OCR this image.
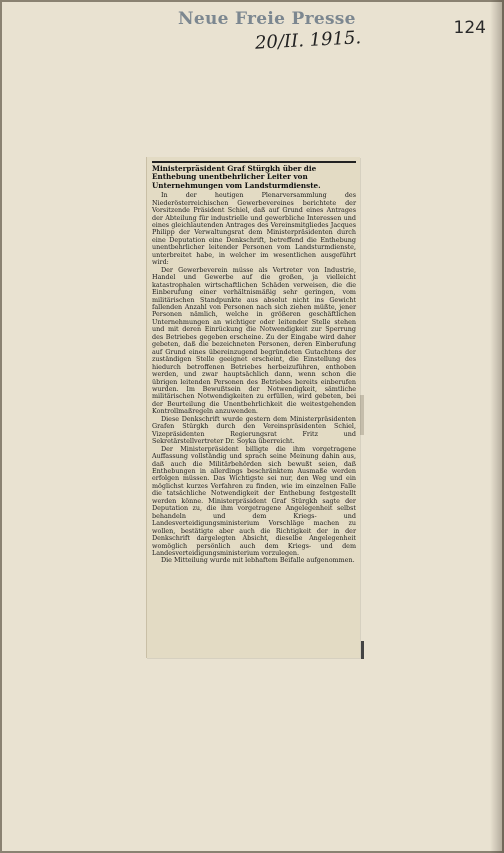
Neue Freie Presse	124
20/II. 1915.
Ministerpräsident Graf Stürgkh über die Enthebung unentbehrlicher Leiter von Unternehmungen vom Landsturmdienste.

In der heutigen Plenarversammlung des Niederösterreichischen Gewerbevereines berichtete der Vorsitzende Präsident Schiel, daß auf Grund eines Antrages der Abteilung für industrielle und gewerbliche Interessen und eines gleichlautenden Antrages des Vereinsmitgliedes Jacques Philipp der Verwaltungsrat dem Ministerpräsidenten durch eine Deputation eine Denkschrift, betreffend die Enthebung unentbehrlicher leitender Personen vom Landsturmdienste, unterbreitet habe, in welcher im wesentlichen ausgeführt wird:

Der Gewerbeverein müsse als Vertreter von Industrie, Handel und Gewerbe auf die großen, ja vielleicht katastrophalen wirtschaftlichen Schäden verweisen, die die Einberufung einer verhältnismäßig sehr geringen, vom militärischen Standpunkte aus absolut nicht ins Gewicht fallenden Anzahl von Personen nach sich ziehen müßte, jener Personen nämlich, welche in größeren geschäftlichen Unternehmungen an wichtiger oder leitender Stelle stehen und mit deren Einrückung die Notwendigkeit zur Sperrung des Betriebes gegeben erscheine. Zu der Eingabe wird daher gebeten, daß die bezeichneten Personen, deren Einberufung auf Grund eines übereinzugend begründeten Gutachtens der zuständigen Stelle geeignet erscheint, die Einstellung des hiedurch betroffenen Betriebes herbeizuführen, enthoben werden, und zwar hauptsächlich dann, wenn schon die übrigen leitenden Personen des Betriebes bereits einberufen wurden. Im Bewußtsein der Notwendigkeit, sämtliche militärischen Notwendigkeiten zu erfüllen, wird gebeten, bei der Beurteilung die Unentbehrlichkeit die weitestgehenden Kontrollmaßregeln anzuwenden.

Diese Denkschrift wurde gestern dem Ministerpräsidenten Grafen Stürgkh durch den Vereinspräsidenten Schiel, Vizepräsidenten Regierungsrat Fritz und Sekretärstellvertreter Dr. Soyka überreicht.

Der Ministerpräsident billigte die ihm vorgetragene Auffassung vollständig und sprach seine Meinung dahin aus, daß auch die Militärbehörden sich bewußt seien, daß Enthebungen in allerdings beschränktem Ausmaße werden erfolgen müssen. Das Wichtigste sei nur, den Weg und ein möglichst kurzes Verfahren zu finden, wie im einzelnen Falle die tatsächliche Notwendigkeit der Enthebung festgestellt werden könne. Ministerpräsident Graf Stürgkh sagte der Deputation zu, die ihm vorgetragene Angelegenheit selbst behandeln und dem Kriegs- und Landesverteidigungsministerium Vorschläge machen zu wollen, bestätigte aber auch die Richtigkeit der in der Denkschrift dargelegten Absicht, dieselbe Angelegenheit womöglich persönlich auch dem Kriegs- und dem Landesverteidigungsministerium vorzulegen.

Die Mitteilung wurde mit lebhaftem Beifalle aufgenommen.
